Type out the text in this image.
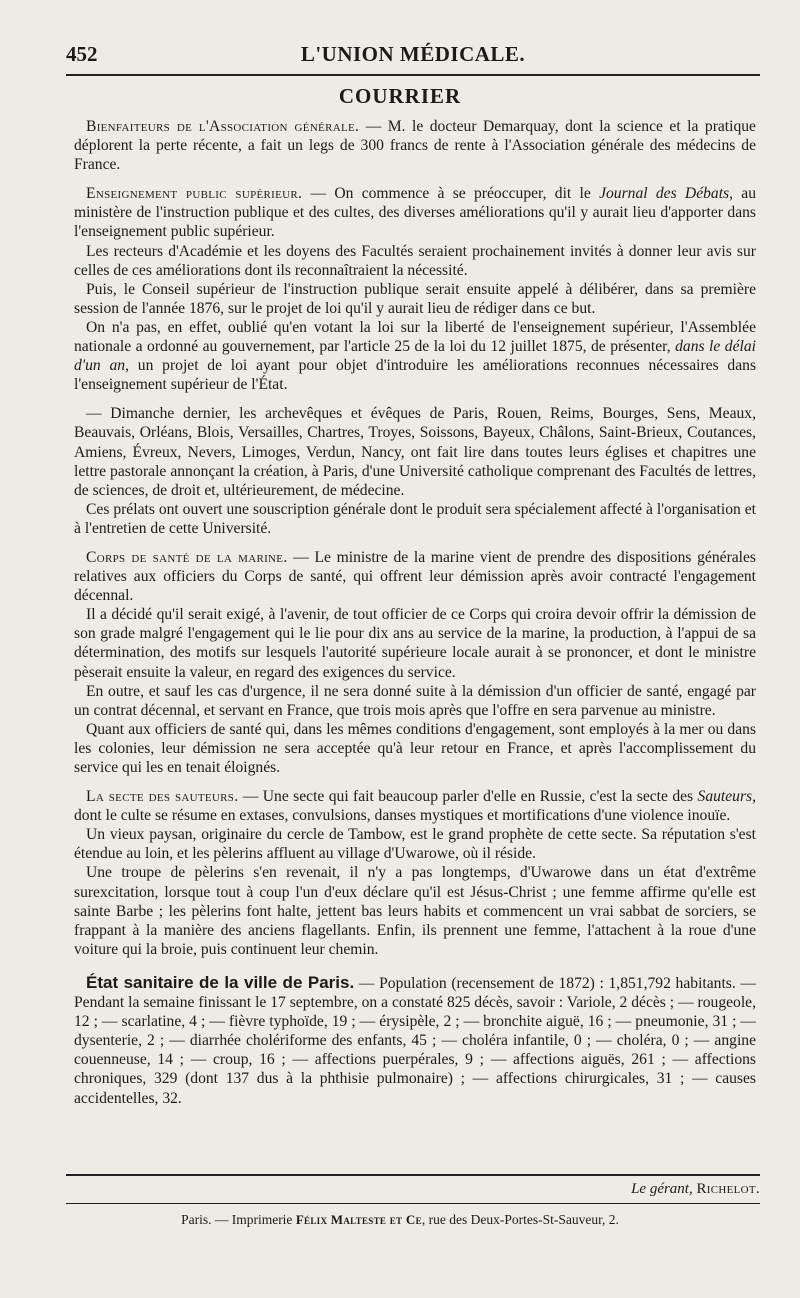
452	L'UNION MÉDICALE.
COURRIER

Bienfaiteurs de l'Association générale. — M. le docteur Demarquay, dont la science et la pratique déplorent la perte récente, a fait un legs de 300 francs de rente à l'Association générale des médecins de France.

Enseignement public supérieur. — On commence à se préoccuper, dit le Journal des Débats, au ministère de l'instruction publique et des cultes, des diverses améliorations qu'il y aurait lieu d'apporter dans l'enseignement public supérieur.

Les recteurs d'Académie et les doyens des Facultés seraient prochainement invités à donner leur avis sur celles de ces améliorations dont ils reconnaîtraient la nécessité.

Puis, le Conseil supérieur de l'instruction publique serait ensuite appelé à délibérer, dans sa première session de l'année 1876, sur le projet de loi qu'il y aurait lieu de rédiger dans ce but.

On n'a pas, en effet, oublié qu'en votant la loi sur la liberté de l'enseignement supérieur, l'Assemblée nationale a ordonné au gouvernement, par l'article 25 de la loi du 12 juillet 1875, de présenter, dans le délai d'un an, un projet de loi ayant pour objet d'introduire les améliorations reconnues nécessaires dans l'enseignement supérieur de l'État.

— Dimanche dernier, les archevêques et évêques de Paris, Rouen, Reims, Bourges, Sens, Meaux, Beauvais, Orléans, Blois, Versailles, Chartres, Troyes, Soissons, Bayeux, Châlons, Saint-Brieux, Coutances, Amiens, Évreux, Nevers, Limoges, Verdun, Nancy, ont fait lire dans toutes leurs églises et chapitres une lettre pastorale annonçant la création, à Paris, d'une Université catholique comprenant des Facultés de lettres, de sciences, de droit et, ultérieurement, de médecine.

Ces prélats ont ouvert une souscription générale dont le produit sera spécialement affecté à l'organisation et à l'entretien de cette Université.

Corps de santé de la marine. — Le ministre de la marine vient de prendre des dispositions générales relatives aux officiers du Corps de santé, qui offrent leur démission après avoir contracté l'engagement décennal.

Il a décidé qu'il serait exigé, à l'avenir, de tout officier de ce Corps qui croira devoir offrir la démission de son grade malgré l'engagement qui le lie pour dix ans au service de la marine, la production, à l'appui de sa détermination, des motifs sur lesquels l'autorité supérieure locale aurait à se prononcer, et dont le ministre pèserait ensuite la valeur, en regard des exigences du service.

En outre, et sauf les cas d'urgence, il ne sera donné suite à la démission d'un officier de santé, engagé par un contrat décennal, et servant en France, que trois mois après que l'offre en sera parvenue au ministre.

Quant aux officiers de santé qui, dans les mêmes conditions d'engagement, sont employés à la mer ou dans les colonies, leur démission ne sera acceptée qu'à leur retour en France, et après l'accomplissement du service qui les en tenait éloignés.

La secte des sauteurs. — Une secte qui fait beaucoup parler d'elle en Russie, c'est la secte des Sauteurs, dont le culte se résume en extases, convulsions, danses mystiques et mortifications d'une violence inouïe.

Un vieux paysan, originaire du cercle de Tambow, est le grand prophète de cette secte. Sa réputation s'est étendue au loin, et les pèlerins affluent au village d'Uwarowe, où il réside.

Une troupe de pèlerins s'en revenait, il n'y a pas longtemps, d'Uwarowe dans un état d'extrême surexcitation, lorsque tout à coup l'un d'eux déclare qu'il est Jésus-Christ ; une femme affirme qu'elle est sainte Barbe ; les pèlerins font halte, jettent bas leurs habits et commencent un vrai sabbat de sorciers, se frappant à la manière des anciens flagellants. Enfin, ils prennent une femme, l'attachent à la roue d'une voiture qui la broie, puis continuent leur chemin.

État sanitaire de la ville de Paris. — Population (recensement de 1872) : 1,851,792 habitants. — Pendant la semaine finissant le 17 septembre, on a constaté 825 décès, savoir : Variole, 2 décès ; — rougeole, 12 ; — scarlatine, 4 ; — fièvre typhoïde, 19 ; — érysipèle, 2 ; — bronchite aiguë, 16 ; — pneumonie, 31 ; — dysenterie, 2 ; — diarrhée cholériforme des enfants, 45 ; — choléra infantile, 0 ; — choléra, 0 ; — angine couenneuse, 14 ; — croup, 16 ; — affections puerpérales, 9 ; — affections aiguës, 261 ; — affections chroniques, 329 (dont 137 dus à la phthisie pulmonaire) ; — affections chirurgicales, 31 ; — causes accidentelles, 32.

Le gérant, Richelot.
Paris. — Imprimerie Félix Malteste et Ce, rue des Deux-Portes-St-Sauveur, 2.
